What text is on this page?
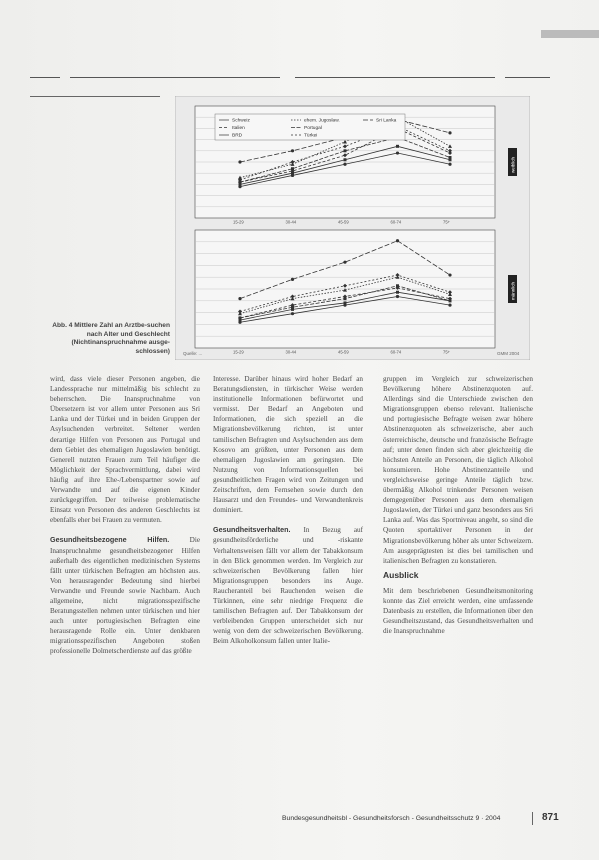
15-29	30-44	45-59	60-74	75+
weiblich
15-29	30-44	45-59	60-74	75+
männlich
Schweiz
Italien
BRD
ehem. Jugoslaw.
Portugal
Türkei
Sri Lanka
Quelle: ...	GMM 2004
Abb. 4 Mittlere Zahl an Arztbe-suchen nach Alter und Geschlecht (Nichtinanspruchnahme ausge-schlossen)

wird, dass viele dieser Personen angeben, die Landessprache nur mittelmäßig bis schlecht zu beherrschen. Die Inanspruchnahme von Übersetzern ist vor allem unter Personen aus Sri Lanka und der Türkei und in beiden Gruppen der Asylsuchenden verbreitet. Seltener werden derartige Hilfen von Personen aus Portugal und dem Gebiet des ehemaligen Jugoslawien benötigt. Generell nutzten Frauen zum Teil häufiger die Möglichkeit der Sprachvermittlung, dabei wird häufig auf ihre Ehe-/Lebenspartner sowie auf Verwandte und auf die eigenen Kinder zurückgegriffen. Der teilweise problematische Einsatz von Personen des anderen Geschlechts ist ebenfalls eher bei Frauen zu vermuten.

Gesundheitsbezogene Hilfen.	Die Inanspruchnahme gesundheitsbezogener Hilfen außerhalb des eigentlichen medizinischen Systems fällt unter türkischen Befragten am höchsten aus. Von herausragender Bedeutung sind hierbei Verwandte und Freunde sowie Nachbarn. Auch allgemeine, nicht migrationsspezifische Beratungsstellen nehmen unter türkischen und hier auch unter portugiesischen Befragten eine herausragende Rolle ein. Unter denkbaren migrationsspezifischen Angeboten stoßen professionelle Dolmetscherdienste auf das größte

Interesse. Darüber hinaus wird hoher Bedarf an Beratungsdiensten, in türkischer Weise werden institutionelle Informationen befürwortet und vermisst. Der Bedarf an Angeboten und Informationen, die sich speziell an die Migrationsbevölkerung richten, ist unter tamilischen Befragten und Asylsuchenden aus dem Kosovo am größten, unter Personen aus dem ehemaligen Jugoslawien am geringsten. Die Nutzung von Informationsquellen bei gesundheitlichen Fragen wird von Zeitungen und Zeitschriften, dem Fernsehen sowie durch den Hausarzt und den Freundes- und Verwandtenkreis dominiert.

Gesundheitsverhalten. In Bezug auf gesundheitsförderliche und -riskante Verhaltensweisen fällt vor allem der Tabakkonsum in den Blick genommen werden. Im Vergleich zur schweizerischen Bevölkerung fallen hier Migrationsgruppen besonders ins Auge. Raucheranteil bei Rauchenden weisen die Türkinnen, eine sehr niedrige Frequenz die tamilischen Befragten auf. Der Tabakkonsum der verbleibenden Gruppen unterscheidet sich nur wenig von dem der schweizerischen Bevölkerung. Beim Alkoholkonsum fallen unter Italie-

gruppen im Vergleich zur schweizerischen Bevölkerung höhere Abstinenzquoten auf. Allerdings sind die Unterschiede zwischen den Migrationsgruppen ebenso relevant. Italienische und portugiesische Befragte weisen zwar höhere Abstinenzquoten als schweizerische, aber auch österreichische, deutsche und französische Befragte auf; unter denen finden sich aber gleichzeitig die höchsten Anteile an Personen, die täglich Alkohol konsumieren. Hohe Abstinenzanteile und vergleichsweise geringe Anteile täglich bzw. übermäßig Alkohol trinkender Personen weisen demgegenüber Personen aus dem ehemaligen Jugoslawien, der Türkei und ganz besonders aus Sri Lanka auf. Was das Sportniveau angeht, so sind die Quoten sportaktiver Personen in der Migrationsbevölkerung höher als unter Schweizern. Am ausgeprägtesten ist dies bei tamilischen und italienischen Befragten zu konstatieren.

Ausblick

Mit dem beschriebenen Gesundheitsmonitoring konnte das Ziel erreicht werden, eine umfassende Datenbasis zu erstellen, die Informationen über den Gesundheitszustand, das Gesundheitsverhalten und die Inanspruchnahme

Bundesgesundheitsbl - Gesundheitsforsch - Gesundheitsschutz 9 · 2004	871
